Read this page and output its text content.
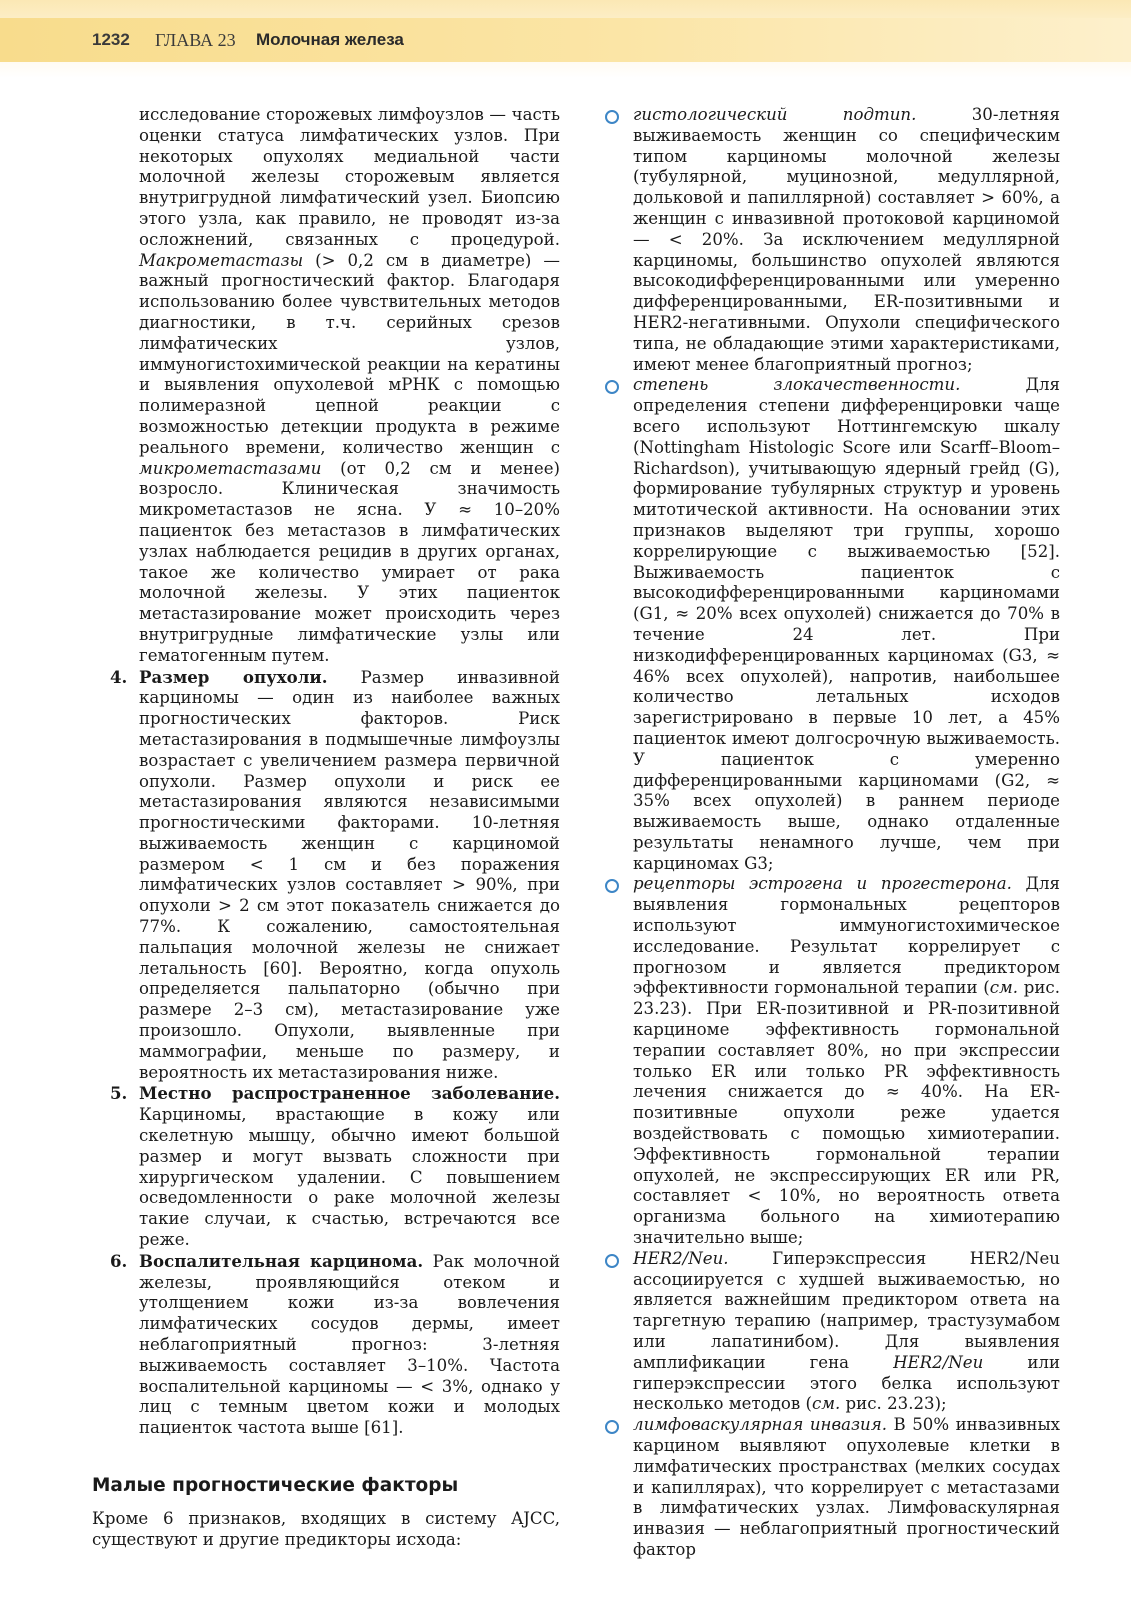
1232 ГЛАВА 23 Молочная железа

исследование сторожевых лимфоузлов — часть оценки статуса лимфатических узлов. При некоторых опухолях медиальной части молочной железы сторожевым является внутригрудной лимфатический узел. Биопсию этого узла, как правило, не проводят из-за осложнений, связанных с процедурой. Макрометастазы (> 0,2 см в диаметре) — важный прогностический фактор. Благодаря использованию более чувствительных методов диагностики, в т.ч. серийных срезов лимфатических узлов, иммуногистохимической реакции на кератины и выявления опухолевой мРНК с помощью полимеразной цепной реакции с возможностью детекции продукта в режиме реального времени, количество женщин с микрометастазами (от 0,2 см и менее) возросло. Клиническая значимость микрометастазов не ясна. У ≈ 10–20% пациенток без метастазов в лимфатических узлах наблюдается рецидив в других органах, такое же количество умирает от рака молочной железы. У этих пациенток метастазирование может происходить через внутригрудные лимфатические узлы или гематогенным путем.

4. Размер опухоли. Размер инвазивной карциномы — один из наиболее важных прогностических факторов. Риск метастазирования в подмышечные лимфоузлы возрастает с увеличением размера первичной опухоли. Размер опухоли и риск ее метастазирования являются независимыми прогностическими факторами. 10-летняя выживаемость женщин с карциномой размером < 1 см и без поражения лимфатических узлов составляет > 90%, при опухоли > 2 см этот показатель снижается до 77%. К сожалению, самостоятельная пальпация молочной железы не снижает летальность [60]. Вероятно, когда опухоль определяется пальпаторно (обычно при размере 2–3 см), метастазирование уже произошло. Опухоли, выявленные при маммографии, меньше по размеру, и вероятность их метастазирования ниже.
5. Местно распространенное заболевание. Карциномы, врастающие в кожу или скелетную мышцу, обычно имеют большой размер и могут вызвать сложности при хирургическом удалении. С повышением осведомленности о раке молочной железы такие случаи, к счастью, встречаются все реже.
6. Воспалительная карцинома. Рак молочной железы, проявляющийся отеком и утолщением кожи из-за вовлечения лимфатических сосудов дермы, имеет неблагоприятный прогноз: 3-летняя выживаемость составляет 3–10%. Частота воспалительной карциномы — < 3%, однако у лиц с темным цветом кожи и молодых пациенток частота выше [61].
Малые прогностические факторы

Кроме 6 признаков, входящих в систему AJCC, существуют и другие предикторы исхода:

гистологический подтип.	30-летняя выживаемость женщин со специфическим типом карциномы молочной железы (тубулярной, муцинозной, медуллярной, дольковой и папиллярной) составляет > 60%, а женщин с инвазивной протоковой карциномой — < 20%. За исключением медуллярной карциномы, большинство опухолей являются высокодифференцированными или умеренно дифференцированными, ER-позитивными и HER2-негативными. Опухоли специфического типа, не обладающие этими характеристиками, имеют менее благоприятный прогноз;
степень злокачественности.	Для определения степени дифференцировки чаще всего используют Ноттингемскую шкалу (Nottingham Histologic Score или Scarff–Bloom–Richardson), учитывающую ядерный грейд (G), формирование тубулярных структур и уровень митотической активности. На основании этих признаков выделяют три группы, хорошо коррелирующие с выживаемостью [52]. Выживаемость пациенток с высокодифференцированными карциномами (G1, ≈ 20% всех опухолей) снижается до 70% в течение 24 лет. При низкодифференцированных карциномах (G3, ≈ 46% всех опухолей), напротив, наибольшее количество летальных исходов зарегистрировано в первые 10 лет, а 45% пациенток имеют долгосрочную выживаемость. У пациенток с умеренно дифференцированными карциномами (G2, ≈ 35% всех опухолей) в раннем периоде выживаемость выше, однако отдаленные результаты ненамного лучше, чем при карциномах G3;
рецепторы эстрогена и прогестерона. Для выявления гормональных рецепторов используют иммуногистохимическое исследование. Результат коррелирует с прогнозом и является предиктором эффективности гормональной терапии (см. рис. 23.23). При ER-позитивной и PR-позитивной карциноме эффективность гормональной терапии составляет 80%, но при экспрессии только ER или только PR эффективность лечения снижается до ≈ 40%. На ER-позитивные опухоли реже удается воздействовать с помощью химиотерапии. Эффективность гормональной терапии опухолей, не экспрессирующих ER или PR, составляет < 10%, но вероятность ответа организма больного на химиотерапию значительно выше;
HER2/Neu.	Гиперэкспрессия HER2/Neu ассоциируется с худшей выживаемостью, но является важнейшим предиктором ответа на таргетную терапию (например, трастузумабом или лапатинибом). Для выявления амплификации гена	HER2/Neu	или гиперэкспрессии этого белка используют несколько методов (см. рис. 23.23);
лимфоваскулярная инвазия. В 50% инвазивных карцином выявляют опухолевые клетки в лимфатических пространствах (мелких сосудах и капиллярах), что коррелирует с метастазами в лимфатических узлах. Лимфоваскулярная инвазия — неблагоприятный прогностический фактор
